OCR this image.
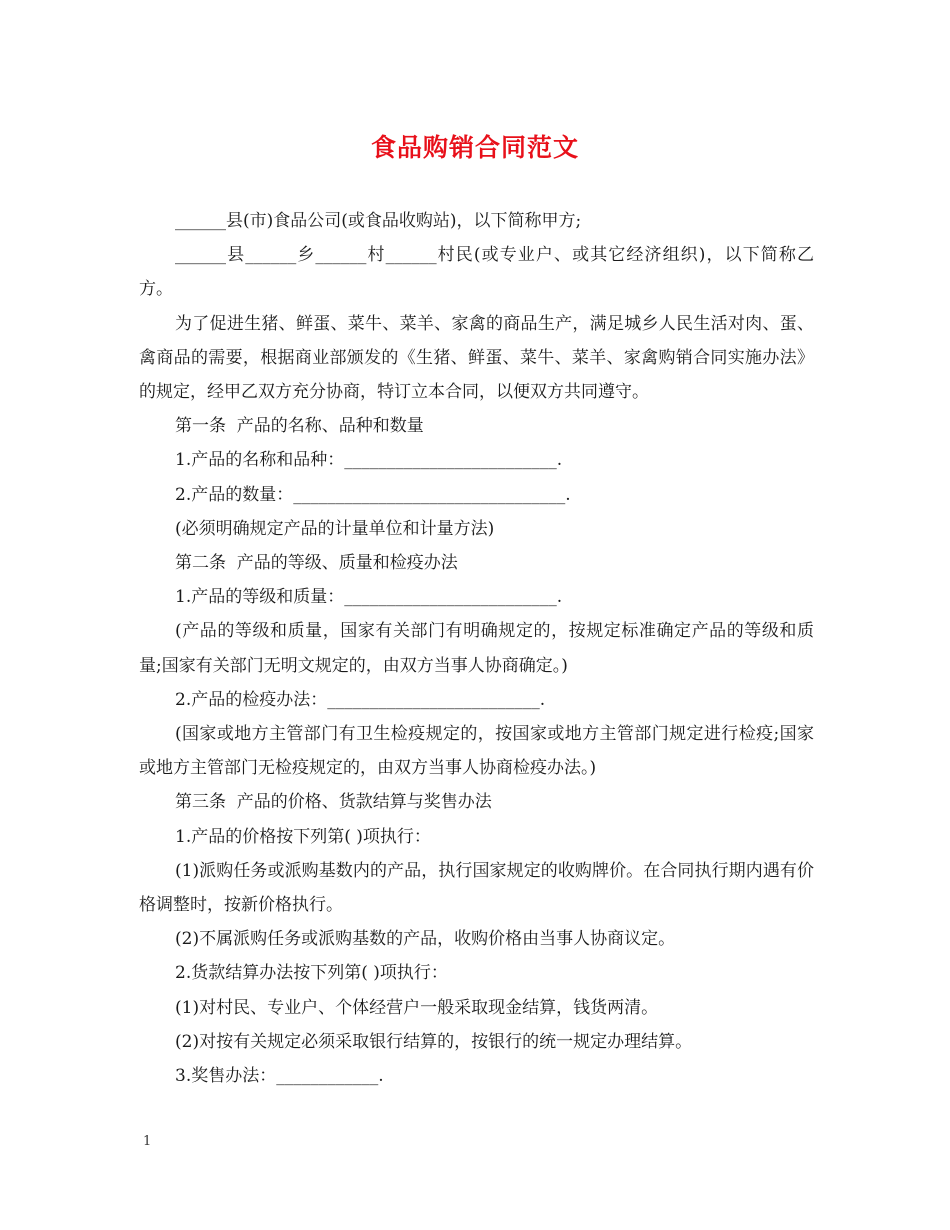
食品购销合同范文

______县(市)食品公司(或食品收购站)，以下简称甲方;

______县______乡______村______村民(或专业户、或其它经济组织)，以下简称乙方。

为了促进生猪、鲜蛋、菜牛、菜羊、家禽的商品生产，满足城乡人民生活对肉、蛋、禽商品的需要，根据商业部颁发的《生猪、鲜蛋、菜牛、菜羊、家禽购销合同实施办法》的规定，经甲乙双方充分协商，特订立本合同，以便双方共同遵守。

第一条  产品的名称、品种和数量

1.产品的名称和品种：_________________________.

2.产品的数量：________________________________.

(必须明确规定产品的计量单位和计量方法)

第二条  产品的等级、质量和检疫办法

1.产品的等级和质量：_________________________.

(产品的等级和质量，国家有关部门有明确规定的，按规定标准确定产品的等级和质量;国家有关部门无明文规定的，由双方当事人协商确定。)

2.产品的检疫办法：_________________________.

(国家或地方主管部门有卫生检疫规定的，按国家或地方主管部门规定进行检疫;国家或地方主管部门无检疫规定的，由双方当事人协商检疫办法。)

第三条  产品的价格、货款结算与奖售办法

1.产品的价格按下列第( )项执行：

(1)派购任务或派购基数内的产品，执行国家规定的收购牌价。在合同执行期内遇有价格调整时，按新价格执行。

(2)不属派购任务或派购基数的产品，收购价格由当事人协商议定。

2.货款结算办法按下列第( )项执行：

(1)对村民、专业户、个体经营户一般采取现金结算，钱货两清。

(2)对按有关规定必须采取银行结算的，按银行的统一规定办理结算。

3.奖售办法：____________.

1
